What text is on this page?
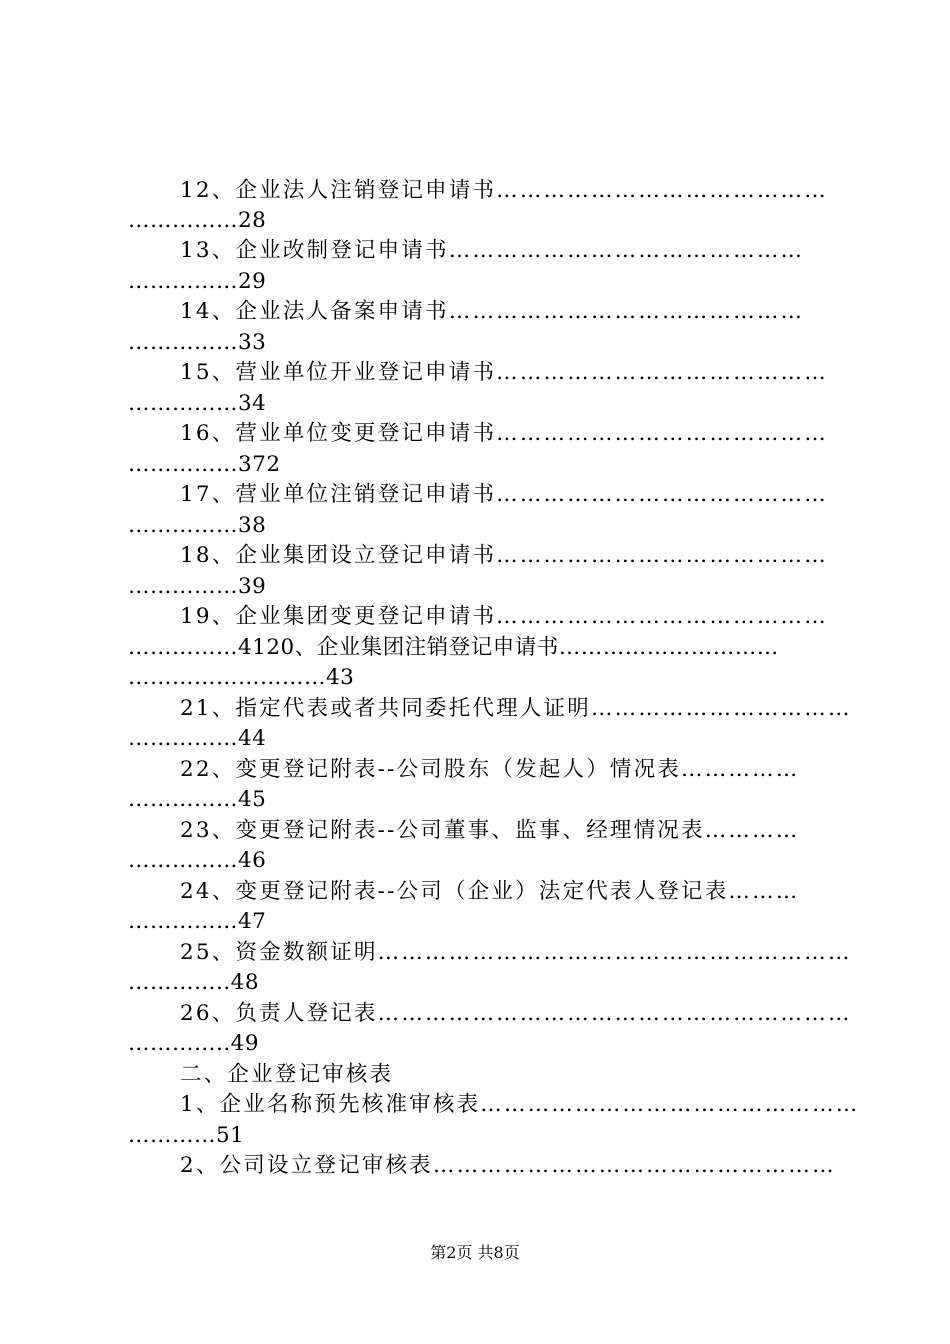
12、企业法人注销登记申请书……………………………………
……………28
13、企业改制登记申请书………………………………………
……………29
14、企业法人备案申请书………………………………………
……………33
15、营业单位开业登记申请书……………………………………
……………34
16、营业单位变更登记申请书……………………………………
……………372
17、营业单位注销登记申请书……………………………………
……………38
18、企业集团设立登记申请书……………………………………
……………39
19、企业集团变更登记申请书……………………………………
……………4120、企业集团注销登记申请书…………………………
………………………43
21、指定代表或者共同委托代理人证明……………………………
……………44
22、变更登记附表--公司股东（发起人）情况表……………
……………45
23、变更登记附表--公司董事、监事、经理情况表…………
……………46
24、变更登记附表--公司（企业）法定代表人登记表………
……………47
25、资金数额证明……………………………………………………
…………..48
26、负责人登记表……………………………………………………
…………..49
二、企业登记审核表
1、企业名称预先核准审核表…………………………………………
…………51
2、公司设立登记审核表……………………………………………
第2页 共8页
